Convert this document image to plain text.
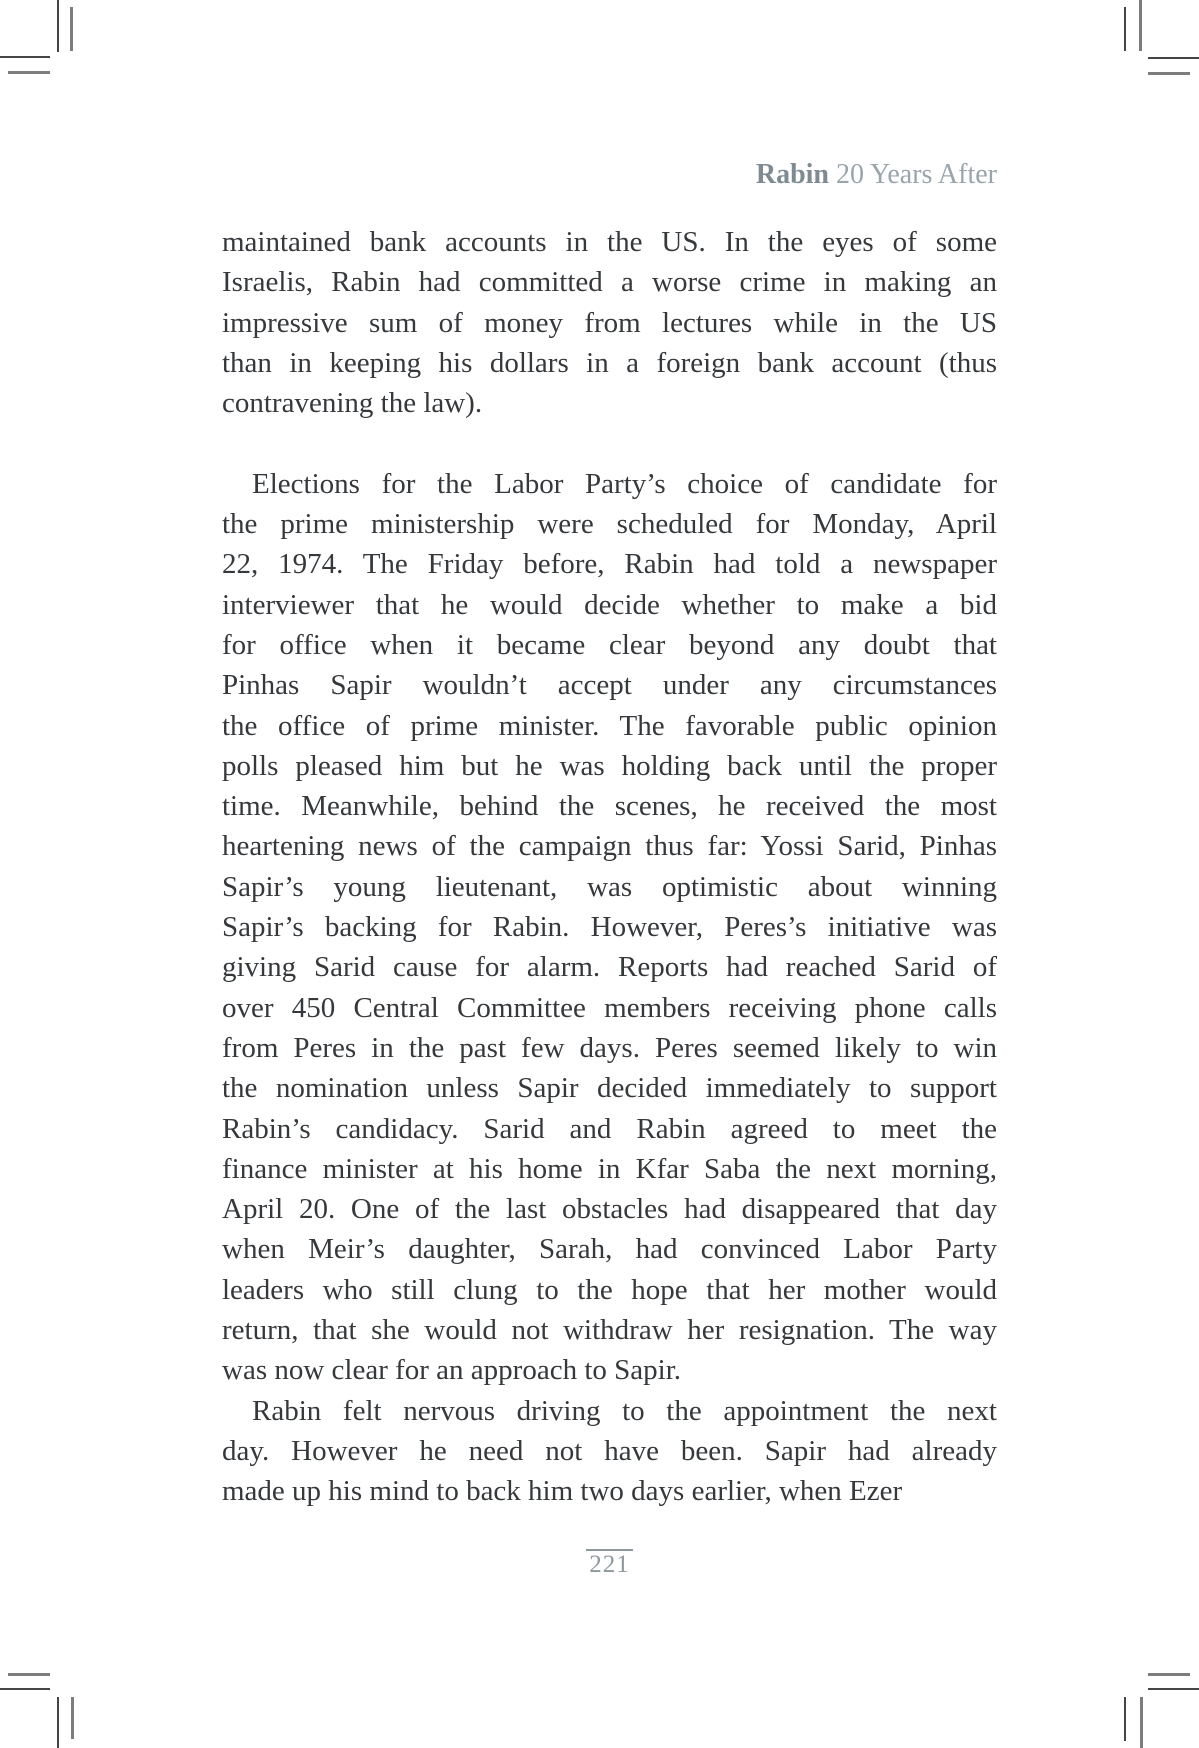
Rabin 20 Years After
maintained bank accounts in the US. In the eyes of some
Israelis, Rabin had committed a worse crime in making an
impressive sum of money from lectures while in the US
than in keeping his dollars in a foreign bank account (thus
contravening the law).
Elections for the Labor Party’s choice of candidate for
the prime ministership were scheduled for Monday, April
22, 1974. The Friday before, Rabin had told a newspaper
interviewer that he would decide whether to make a bid
for office when it became clear beyond any doubt that
Pinhas Sapir wouldn’t accept under any circumstances
the office of prime minister. The favorable public opinion
polls pleased him but he was holding back until the proper
time. Meanwhile, behind the scenes, he received the most
heartening news of the campaign thus far: Yossi Sarid, Pinhas
Sapir’s young lieutenant, was optimistic about winning
Sapir’s backing for Rabin. However, Peres’s initiative was
giving Sarid cause for alarm. Reports had reached Sarid of
over 450 Central Committee members receiving phone calls
from Peres in the past few days. Peres seemed likely to win
the nomination unless Sapir decided immediately to support
Rabin’s candidacy. Sarid and Rabin agreed to meet the
finance minister at his home in Kfar Saba the next morning,
April 20. One of the last obstacles had disappeared that day
when Meir’s daughter, Sarah, had convinced Labor Party
leaders who still clung to the hope that her mother would
return, that she would not withdraw her resignation. The way
was now clear for an approach to Sapir.
Rabin felt nervous driving to the appointment the next
day. However he need not have been. Sapir had already
made up his mind to back him two days earlier, when Ezer
221
